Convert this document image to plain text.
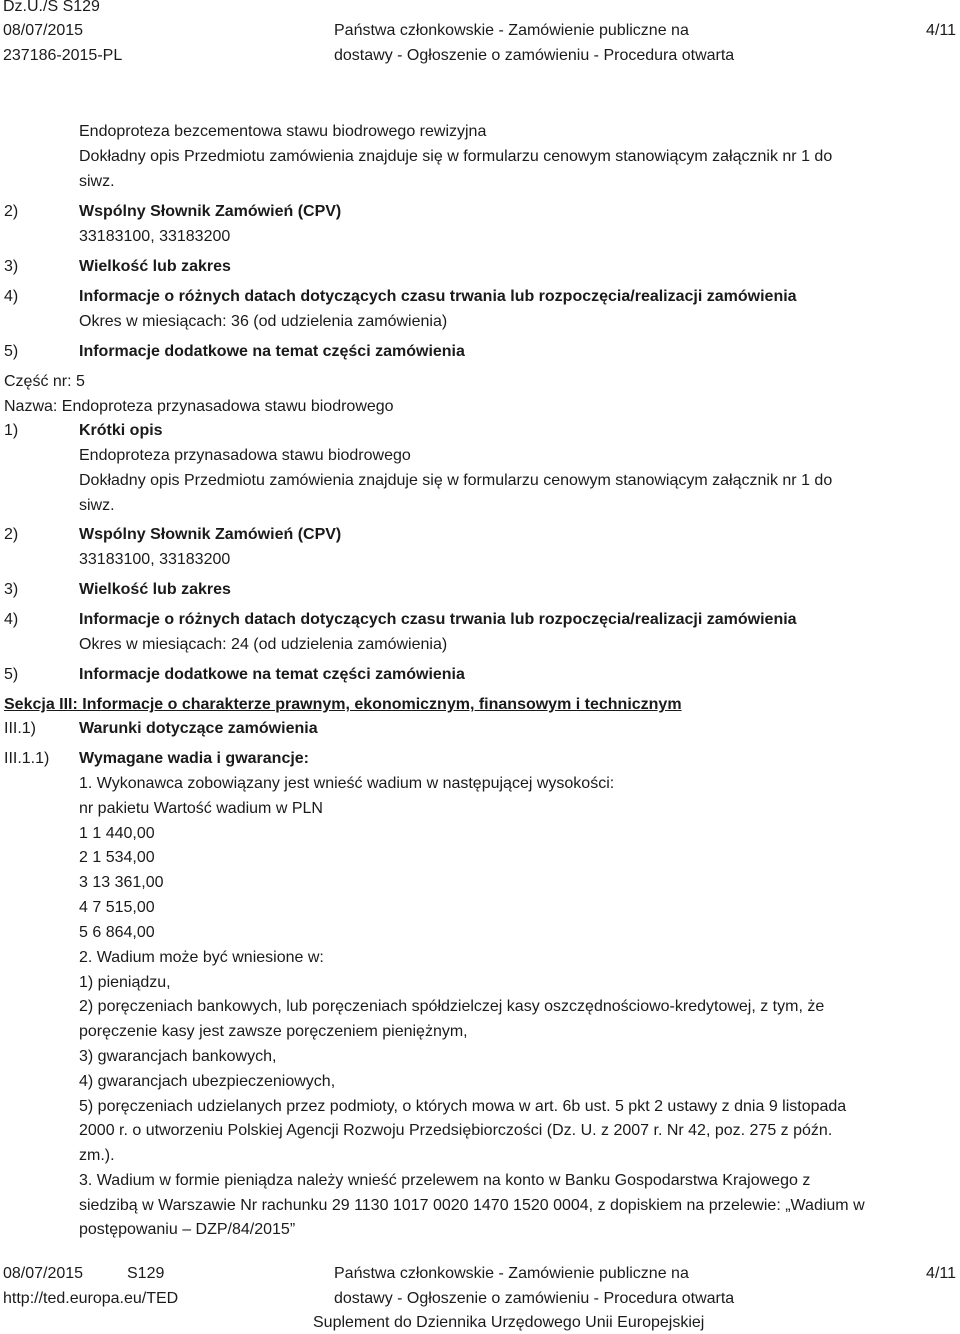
Dz.U./S S129
08/07/2015
237186-2015-PL
Państwa członkowskie - Zamówienie publiczne na
dostawy - Ogłoszenie o zamówieniu - Procedura otwarta
4/11
Endoproteza bezcementowa stawu biodrowego rewizyjna
Dokładny opis Przedmiotu zamówienia znajduje się w formularzu cenowym stanowiącym załącznik nr 1 do
siwz.
2)	Wspólny Słownik Zamówień (CPV)
33183100, 33183200
3)	Wielkość lub zakres
4)	Informacje o różnych datach dotyczących czasu trwania lub rozpoczęcia/realizacji zamówienia
Okres w miesiącach: 36 (od udzielenia zamówienia)
5)	Informacje dodatkowe na temat części zamówienia
Część nr: 5
Nazwa: Endoproteza przynasadowa stawu biodrowego
1)	Krótki opis
Endoproteza przynasadowa stawu biodrowego
Dokładny opis Przedmiotu zamówienia znajduje się w formularzu cenowym stanowiącym załącznik nr 1 do
siwz.
2)	Wspólny Słownik Zamówień (CPV)
33183100, 33183200
3)	Wielkość lub zakres
4)	Informacje o różnych datach dotyczących czasu trwania lub rozpoczęcia/realizacji zamówienia
Okres w miesiącach: 24 (od udzielenia zamówienia)
5)	Informacje dodatkowe na temat części zamówienia
Sekcja III: Informacje o charakterze prawnym, ekonomicznym, finansowym i technicznym
III.1)	Warunki dotyczące zamówienia
III.1.1) Wymagane wadia i gwarancje:
1. Wykonawca zobowiązany jest wnieść wadium w następującej wysokości:
nr pakietu Wartość wadium w PLN
1 1 440,00
2 1 534,00
3 13 361,00
4 7 515,00
5 6 864,00
2. Wadium może być wniesione w:
1) pieniądzu,
2) poręczeniach bankowych, lub poręczeniach spółdzielczej kasy oszczędnościowo-kredytowej, z tym, że
poręczenie kasy jest zawsze poręczeniem pieniężnym,
3) gwarancjach bankowych,
4) gwarancjach ubezpieczeniowych,
5) poręczeniach udzielanych przez podmioty, o których mowa w art. 6b ust. 5 pkt 2 ustawy z dnia 9 listopada
2000 r. o utworzeniu Polskiej Agencji Rozwoju Przedsiębiorczości (Dz. U. z 2007 r. Nr 42, poz. 275 z późn.
zm.).
3. Wadium w formie pieniądza należy wnieść przelewem na konto w Banku Gospodarstwa Krajowego z
siedzibą w Warszawie Nr rachunku 29 1130 1017 0020 1470 1520 0004, z dopiskiem na przelewie: „Wadium w
postępowaniu – DZP/84/2015”
08/07/2015	S129
http://ted.europa.eu/TED
Państwa członkowskie - Zamówienie publiczne na
dostawy - Ogłoszenie o zamówieniu - Procedura otwarta
Suplement do Dziennika Urzędowego Unii Europejskiej
4/11
